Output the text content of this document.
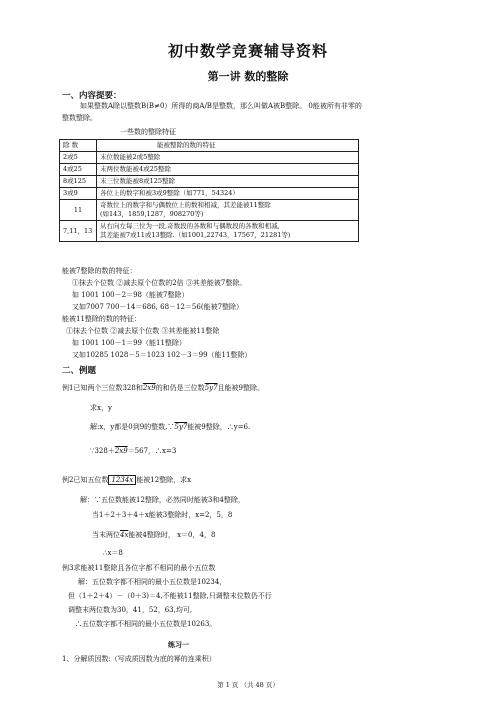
初中数学竞赛辅导资料
第一讲 数的整除
一、内容提要：
如果整数A除以整数B(B≠0）所得的商A/B是整数，那么叫做A被B整除。 0能被所有非零的
整数整除。
一些数的整除特征
除 数	能被整除的数的特征
2或5	末位数能被2或5整除
4或25	末两位数能被4或25整除
8或125	末三位数能被8或125整除
3或9	各位上的数字和被3或9整除（如771，54324）
11	奇数位上的数字和与偶数位上的数和相减，其差能被11整除
(如143，1859,1287，908270等)

7,11，13	从右向左每三位为一段,奇数段的各数和与偶数段的各数和相减,
其差能被7或11或13整除.（如1001,22743，17567，21281等)
能被7整除的数的特征：
①抹去个位数 ②减去原个位数的2倍 ③其差能被7整除。
如 1001 100－2＝98（能被7整除）
又如7007 700－14＝686, 68－12＝56(能被7整除）
能被11整除的数的特征：
①抹去个位数 ②减去原个位数 ③其差能被11整除
如 1001 100－1＝99（能11整除）
又如10285 1028－5＝1023 102－3＝99（能11整除）
二、例题
例1已知两个三位数328和2x9的和仍是三位数5y7且能被9整除。
求x，y
解:x，y都是0到9的整数,∵5y7能被9整除，∴y=6.
∵328＋2x9＝567，∴x=3
例2已知五位数 1234x 能被12整除，求x
解：∵五位数能被12整除，必然同时能被3和4整除，
当1＋2＋3＋4＋x能被3整除时，x=2，5，8
当末两位4x能被4整除时， x＝0，4，8
∴x＝8
例3求能被11整除且各位字都不相同的最小五位数
解：五位数字都不相同的最小五位数是10234，
但（1＋2＋4）－（0＋3)＝4,不能被11整除,只调整末位数仍不行
调整末两位数为30，41，52，63,均可,
∴五位数字都不相同的最小五位数是10263。
练习一
1、分解质因数:（写成质因数为底的幂的连乘积）
第 1 页 （共 48 页）
